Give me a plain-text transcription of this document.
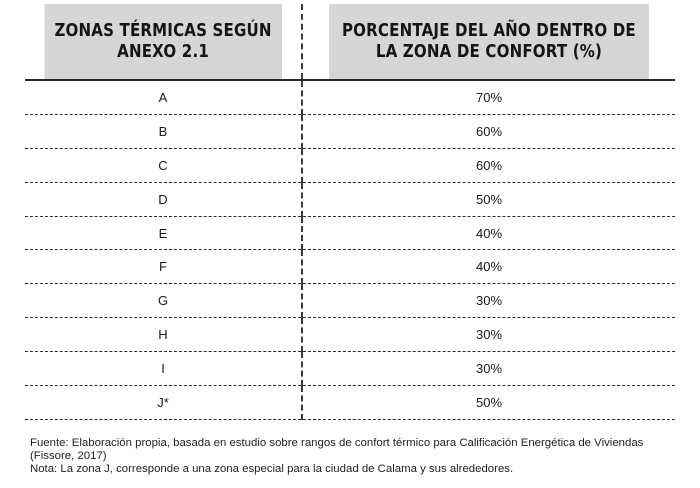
ZONAS TÉRMICAS SEGÚN ANEXO 2.1	PORCENTAJE DEL AÑO DENTRO DE LA ZONA DE CONFORT (%)
A	70%
B	60%
C	60%
D	50%
E	40%
F	40%
G	30%
H	30%
I	30%
J*	50%

Fuente: Elaboración propia, basada en estudio sobre rangos de confort térmico para Calificación Energética de Viviendas (Fissore, 2017)

Nota: La zona J, corresponde a una zona especial para la ciudad de Calama y sus alrededores.
